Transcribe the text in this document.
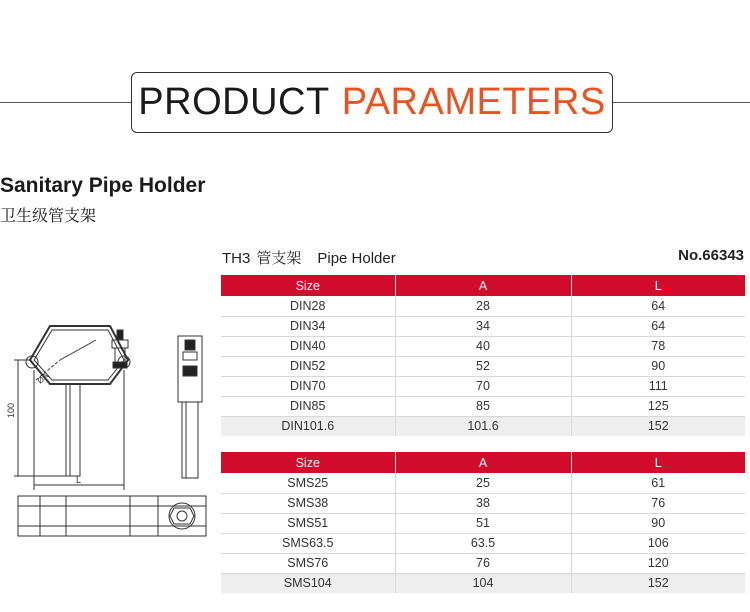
PRODUCT PARAMETERS
Sanitary Pipe Holder
卫生级管支架
TH3 管支架 Pipe Holder	No.66343
Size	A	L
DIN28	28	64
DIN34	34	64
DIN40	40	78
DIN52	52	90
DIN70	70	111
DIN85	85	125
DIN101.6	101.6	152
Size	A	L
SMS25	25	61
SMS38	38	76
SMS51	51	90
SMS63.5	63.5	106
SMS76	76	120
SMS104	104	152
100
L
ØA
